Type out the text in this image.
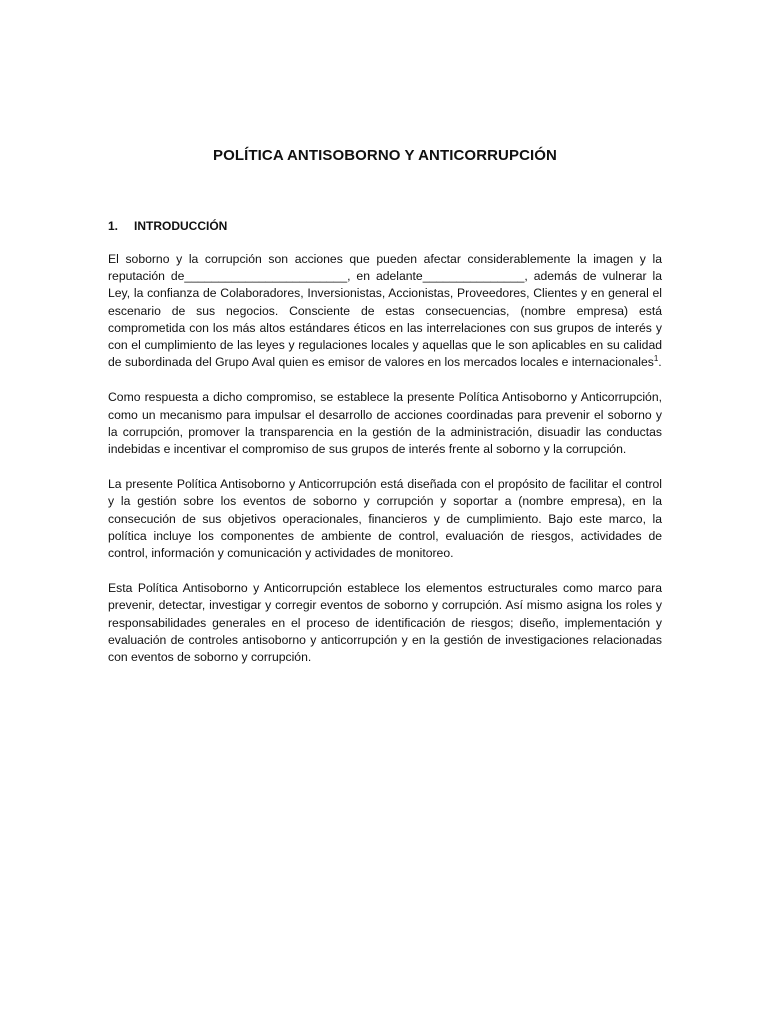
POLÍTICA ANTISOBORNO Y ANTICORRUPCIÓN
1.	INTRODUCCIÓN

El soborno y la corrupción son acciones que pueden afectar considerablemente la imagen y la reputación de________________________, en adelante_______________, además de vulnerar la Ley, la confianza de Colaboradores, Inversionistas, Accionistas, Proveedores, Clientes y en general el escenario de sus negocios. Consciente de estas consecuencias, (nombre empresa) está comprometida con los más altos estándares éticos en las interrelaciones con sus grupos de interés y con el cumplimiento de las leyes y regulaciones locales y aquellas que le son aplicables en su calidad de subordinada del Grupo Aval quien es emisor de valores en los mercados locales e internacionales$^1$.

Como respuesta a dicho compromiso, se establece la presente Política Antisoborno y Anticorrupción, como un mecanismo para impulsar el desarrollo de acciones coordinadas para prevenir el soborno y la corrupción, promover la transparencia en la gestión de la administración, disuadir las conductas indebidas e incentivar el compromiso de sus grupos de interés frente al soborno y la corrupción.

La presente Política Antisoborno y Anticorrupción está diseñada con el propósito de facilitar el control y la gestión sobre los eventos de soborno y corrupción y soportar a (nombre empresa), en la consecución de sus objetivos operacionales, financieros y de cumplimiento. Bajo este marco, la política incluye los componentes de ambiente de control, evaluación de riesgos, actividades de control, información y comunicación y actividades de monitoreo.

Esta Política Antisoborno y Anticorrupción establece los elementos estructurales como marco para prevenir, detectar, investigar y corregir eventos de soborno y corrupción. Así mismo asigna los roles y responsabilidades generales en el proceso de identificación de riesgos; diseño, implementación y evaluación de controles antisoborno y anticorrupción y en la gestión de investigaciones relacionadas con eventos de soborno y corrupción.
